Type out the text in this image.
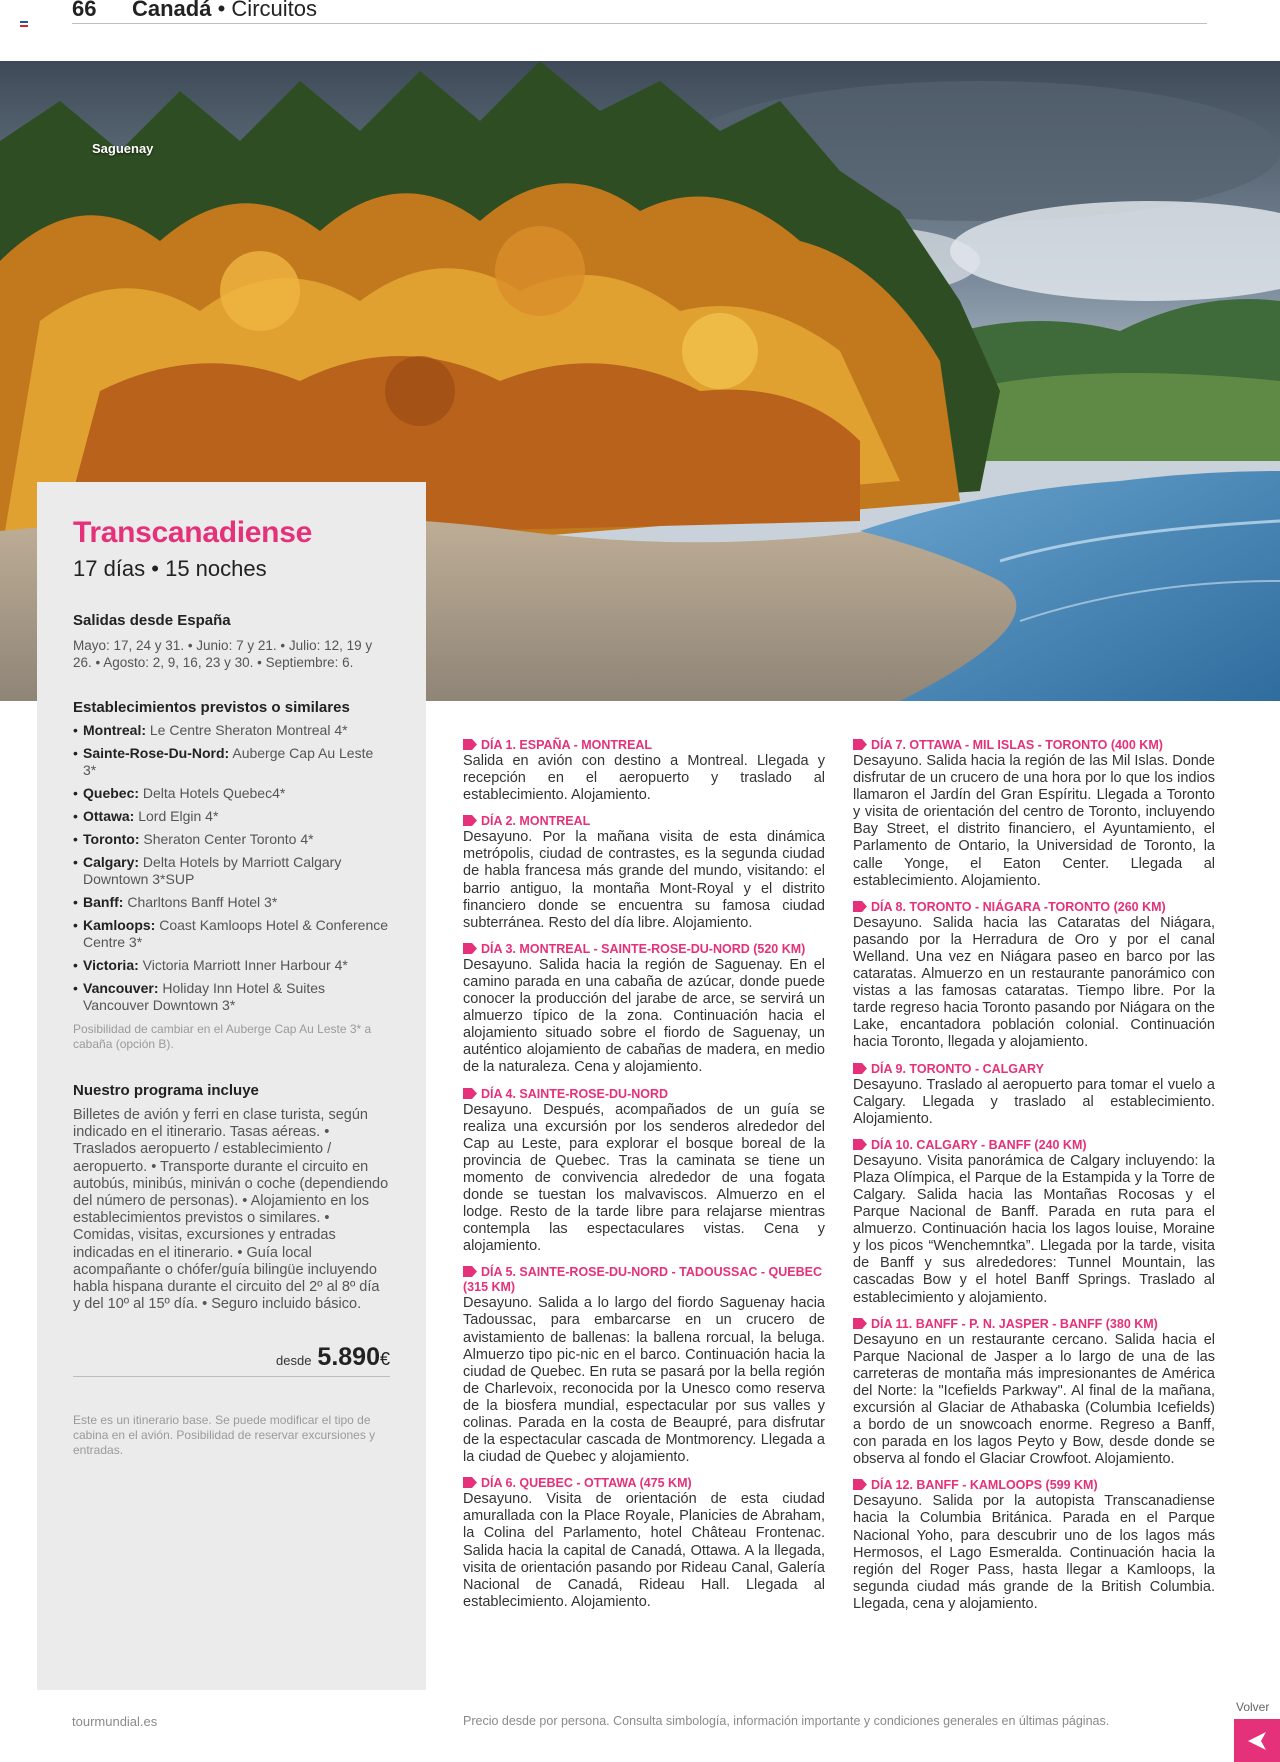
66 Canadá • Circuitos
Saguenay
Transcanadiense
17 días • 15 noches
Salidas desde España
Mayo: 17, 24 y 31. • Junio: 7 y 21. • Julio: 12, 19 y 26. • Agosto: 2, 9, 16, 23 y 30. • Septiembre: 6.
Establecimientos previstos o similares
• Montreal: Le Centre Sheraton Montreal 4*
• Sainte-Rose-Du-Nord: Auberge Cap Au Leste 3*
• Quebec: Delta Hotels Quebec4*
• Ottawa: Lord Elgin 4*
• Toronto: Sheraton Center Toronto 4*
• Calgary: Delta Hotels by Marriott Calgary Downtown 3*SUP
• Banff: Charltons Banff Hotel 3*
• Kamloops: Coast Kamloops Hotel & Conference Centre 3*
• Victoria: Victoria Marriott Inner Harbour 4*
• Vancouver: Holiday Inn Hotel & Suites Vancouver Downtown 3*
Posibilidad de cambiar en el Auberge Cap Au Leste 3* a cabaña (opción B).
Nuestro programa incluye
Billetes de avión y ferri en clase turista, según indicado en el itinerario. Tasas aéreas. • Traslados aeropuerto / establecimiento / aeropuerto. • Transporte durante el circuito en autobús, minibús, miniván o coche (dependiendo del número de personas). • Alojamiento en los establecimientos previstos o similares. • Comidas, visitas, excursiones y entradas indicadas en el itinerario. • Guía local acompañante o chófer/guía bilingüe incluyendo habla hispana durante el circuito del 2º al 8º día y del 10º al 15º día. • Seguro incluido básico.
desde 5.890€
Este es un itinerario base. Se puede modificar el tipo de cabina en el avión. Posibilidad de reservar excursiones y entradas.
DÍA 1. ESPAÑA - MONTREAL
Salida en avión con destino a Montreal. Llegada y recepción en el aeropuerto y traslado al establecimiento. Alojamiento.
DÍA 2. MONTREAL
Desayuno. Por la mañana visita de esta dinámica metrópolis, ciudad de contrastes, es la segunda ciudad de habla francesa más grande del mundo, visitando: el barrio antiguo, la montaña Mont-Royal y el distrito financiero donde se encuentra su famosa ciudad subterránea. Resto del día libre. Alojamiento.
DÍA 3. MONTREAL - SAINTE-ROSE-DU-NORD (520 KM)
Desayuno. Salida hacia la región de Saguenay. En el camino parada en una cabaña de azúcar, donde puede conocer la producción del jarabe de arce, se servirá un almuerzo típico de la zona. Continuación hacia el alojamiento situado sobre el fiordo de Saguenay, un auténtico alojamiento de cabañas de madera, en medio de la naturaleza. Cena y alojamiento.
DÍA 4. SAINTE-ROSE-DU-NORD
Desayuno. Después, acompañados de un guía se realiza una excursión por los senderos alrededor del Cap au Leste, para explorar el bosque boreal de la provincia de Quebec. Tras la caminata se tiene un momento de convivencia alrededor de una fogata donde se tuestan los malvaviscos. Almuerzo en el lodge. Resto de la tarde libre para relajarse mientras contempla las espectaculares vistas. Cena y alojamiento.
DÍA 5. SAINTE-ROSE-DU-NORD - TADOUSSAC - QUEBEC (315 KM)
Desayuno. Salida a lo largo del fiordo Saguenay hacia Tadoussac, para embarcarse en un crucero de avistamiento de ballenas: la ballena rorcual, la beluga. Almuerzo tipo pic-nic en el barco. Continuación hacia la ciudad de Quebec. En ruta se pasará por la bella región de Charlevoix, reconocida por la Unesco como reserva de la biosfera mundial, espectacular por sus valles y colinas. Parada en la costa de Beaupré, para disfrutar de la espectacular cascada de Montmorency. Llegada a la ciudad de Quebec y alojamiento.
DÍA 6. QUEBEC - OTTAWA (475 KM)
Desayuno. Visita de orientación de esta ciudad amurallada con la Place Royale, Planicies de Abraham, la Colina del Parlamento, hotel Château Frontenac. Salida hacia la capital de Canadá, Ottawa. A la llegada, visita de orientación pasando por Rideau Canal, Galería Nacional de Canadá, Rideau Hall. Llegada al establecimiento. Alojamiento.
DÍA 7. OTTAWA - MIL ISLAS - TORONTO (400 KM)
Desayuno. Salida hacia la región de las Mil Islas. Donde disfrutar de un crucero de una hora por lo que los indios llamaron el Jardín del Gran Espíritu. Llegada a Toronto y visita de orientación del centro de Toronto, incluyendo Bay Street, el distrito financiero, el Ayuntamiento, el Parlamento de Ontario, la Universidad de Toronto, la calle Yonge, el Eaton Center. Llegada al establecimiento. Alojamiento.
DÍA 8. TORONTO - NIÁGARA -TORONTO (260 KM)
Desayuno. Salida hacia las Cataratas del Niágara, pasando por la Herradura de Oro y por el canal Welland. Una vez en Niágara paseo en barco por las cataratas. Almuerzo en un restaurante panorámico con vistas a las famosas cataratas. Tiempo libre. Por la tarde regreso hacia Toronto pasando por Niágara on the Lake, encantadora población colonial. Continuación hacia Toronto, llegada y alojamiento.
DÍA 9. TORONTO - CALGARY
Desayuno. Traslado al aeropuerto para tomar el vuelo a Calgary. Llegada y traslado al establecimiento. Alojamiento.
DÍA 10. CALGARY - BANFF (240 KM)
Desayuno. Visita panorámica de Calgary incluyendo: la Plaza Olímpica, el Parque de la Estampida y la Torre de Calgary. Salida hacia las Montañas Rocosas y el Parque Nacional de Banff. Parada en ruta para el almuerzo. Continuación hacia los lagos louise, Moraine y los picos “Wenchemntka”. Llegada por la tarde, visita de Banff y sus alrededores: Tunnel Mountain, las cascadas Bow y el hotel Banff Springs. Traslado al establecimiento y alojamiento.
DÍA 11. BANFF - P. N. JASPER - BANFF (380 KM)
Desayuno en un restaurante cercano. Salida hacia el Parque Nacional de Jasper a lo largo de una de las carreteras de montaña más impresionantes de América del Norte: la "Icefields Parkway". Al final de la mañana, excursión al Glaciar de Athabaska (Columbia Icefields) a bordo de un snowcoach enorme. Regreso a Banff, con parada en los lagos Peyto y Bow, desde donde se observa al fondo el Glaciar Crowfoot. Alojamiento.
DÍA 12. BANFF - KAMLOOPS (599 KM)
Desayuno. Salida por la autopista Transcanadiense hacia la Columbia Británica. Parada en el Parque Nacional Yoho, para descubrir uno de los lagos más Hermosos, el Lago Esmeralda. Continuación hacia la región del Roger Pass, hasta llegar a Kamloops, la segunda ciudad más grande de la British Columbia. Llegada, cena y alojamiento.
tourmundial.es	Precio desde por persona. Consulta simbología, información importante y condiciones generales en últimas páginas.
Volver
